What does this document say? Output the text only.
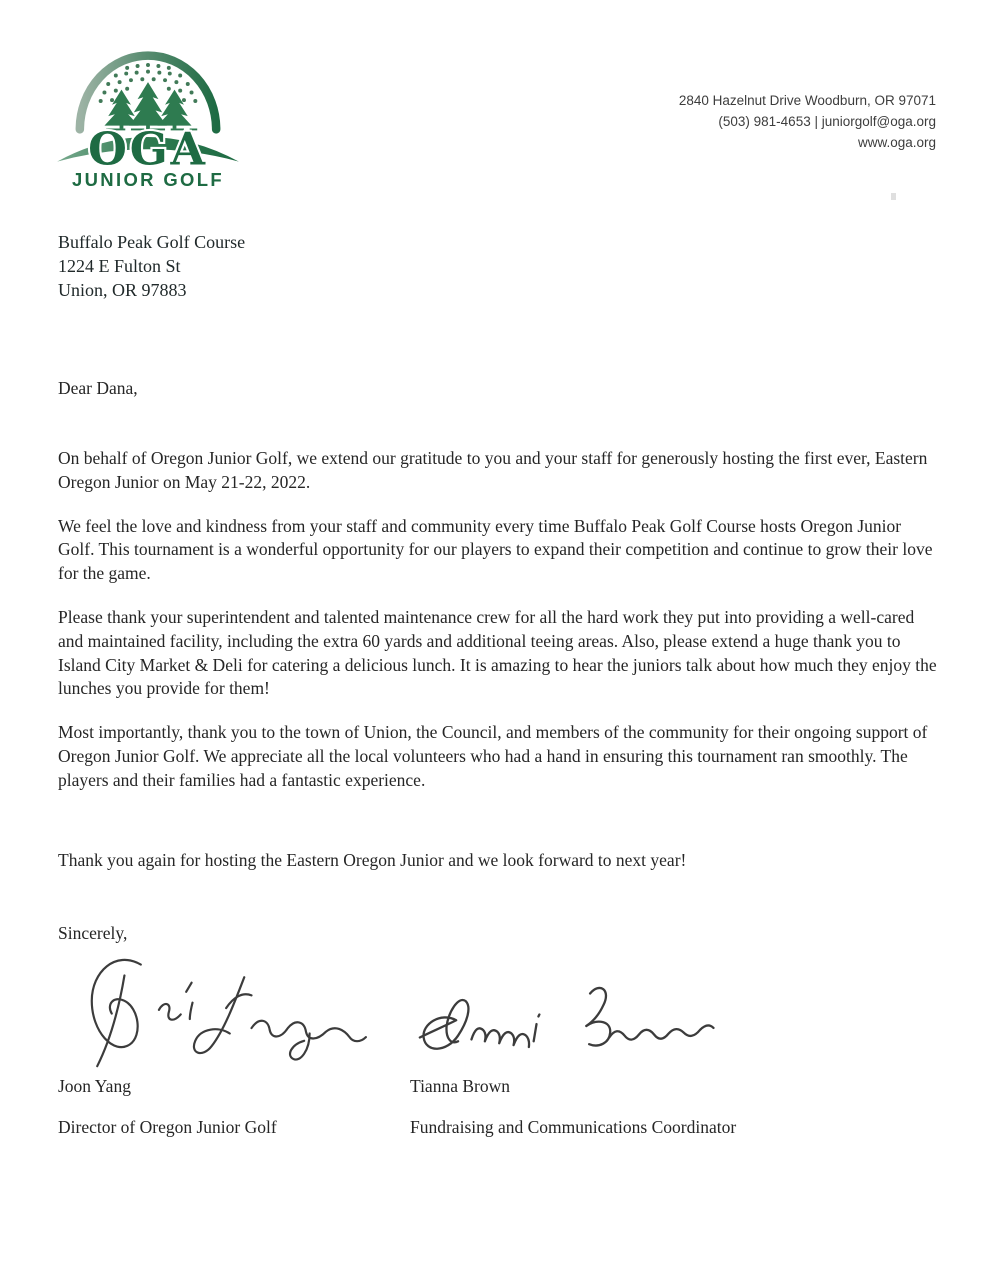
OGA
JUNIOR GOLF
2840 Hazelnut Drive Woodburn, OR 97071
(503) 981-4653 | juniorgolf@oga.org
www.oga.org
Buffalo Peak Golf Course
1224 E Fulton St
Union, OR 97883
Dear Dana,

On behalf of Oregon Junior Golf, we extend our gratitude to you and your staff for generously hosting the first ever, Eastern Oregon Junior on May 21-22, 2022.

We feel the love and kindness from your staff and community every time Buffalo Peak Golf Course hosts Oregon Junior Golf. This tournament is a wonderful opportunity for our players to expand their competition and continue to grow their love for the game.

Please thank your superintendent and talented maintenance crew for all the hard work they put into providing a well-cared and maintained facility, including the extra 60 yards and additional teeing areas. Also, please extend a huge thank you to Island City Market & Deli for catering a delicious lunch. It is amazing to hear the juniors talk about how much they enjoy the lunches you provide for them!

Most importantly, thank you to the town of Union, the Council, and members of the community for their ongoing support of Oregon Junior Golf. We appreciate all the local volunteers who had a hand in ensuring this tournament ran smoothly. The players and their families had a fantastic experience.

Thank you again for hosting the Eastern Oregon Junior and we look forward to next year!
Sincerely,
Joon Yang	Tianna Brown
Director of Oregon Junior Golf	Fundraising and Communications Coordinator
